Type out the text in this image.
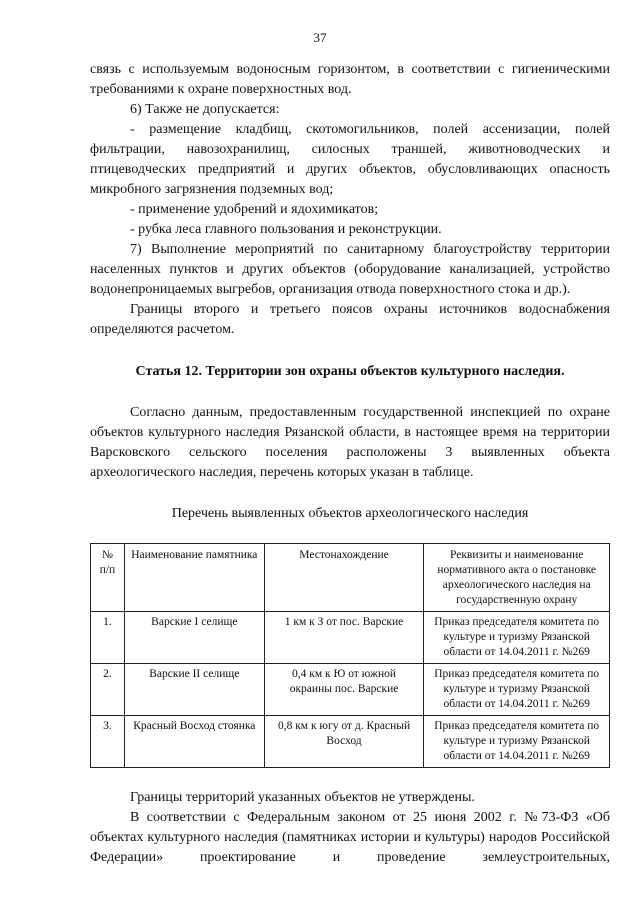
37

связь с используемым водоносным горизонтом, в соответствии с гигиеническими требованиями к охране поверхностных вод.

6) Также не допускается:

- размещение кладбищ, скотомогильников, полей ассенизации, полей фильтрации, навозохранилищ, силосных траншей, животноводческих и птицеводческих предприятий и других объектов, обусловливающих опасность микробного загрязнения подземных вод;

- применение удобрений и ядохимикатов;

- рубка леса главного пользования и реконструкции.

7) Выполнение мероприятий по санитарному благоустройству территории населенных пунктов и других объектов (оборудование канализацией, устройство водонепроницаемых выгребов, организация отвода поверхностного стока и др.).

Границы второго и третьего поясов охраны источников водоснабжения определяются расчетом.

Статья 12. Территории зон охраны объектов культурного наследия.

Согласно данным, предоставленным государственной инспекцией по охране объектов культурного наследия Рязанской области, в настоящее время на территории Варсковского сельского поселения расположены 3 выявленных объекта археологического наследия, перечень которых указан в таблице.

Перечень выявленных объектов археологического наследия

№ п/п	Наименование памятника	Местонахождение	Реквизиты и наименование нормативного акта о постановке археологического наследия на государственную охрану
1.	Варские I селище	1 км к З от пос. Варские	Приказ председателя комитета по культуре и туризму Рязанской области от 14.04.2011 г. №269
2.	Варские II селище	0,4 км к Ю от южной окраины пос. Варские	Приказ председателя комитета по культуре и туризму Рязанской области от 14.04.2011 г. №269
3.	Красный Восход стоянка	0,8 км к югу от д. Красный Восход	Приказ председателя комитета по культуре и туризму Рязанской области от 14.04.2011 г. №269

Границы территорий указанных объектов не утверждены.

В соответствии с Федеральным законом от 25 июня 2002 г. №73-ФЗ «Об объектах культурного наследия (памятниках истории и культуры) народов Российской Федерации» проектирование и проведение землеустроительных,
